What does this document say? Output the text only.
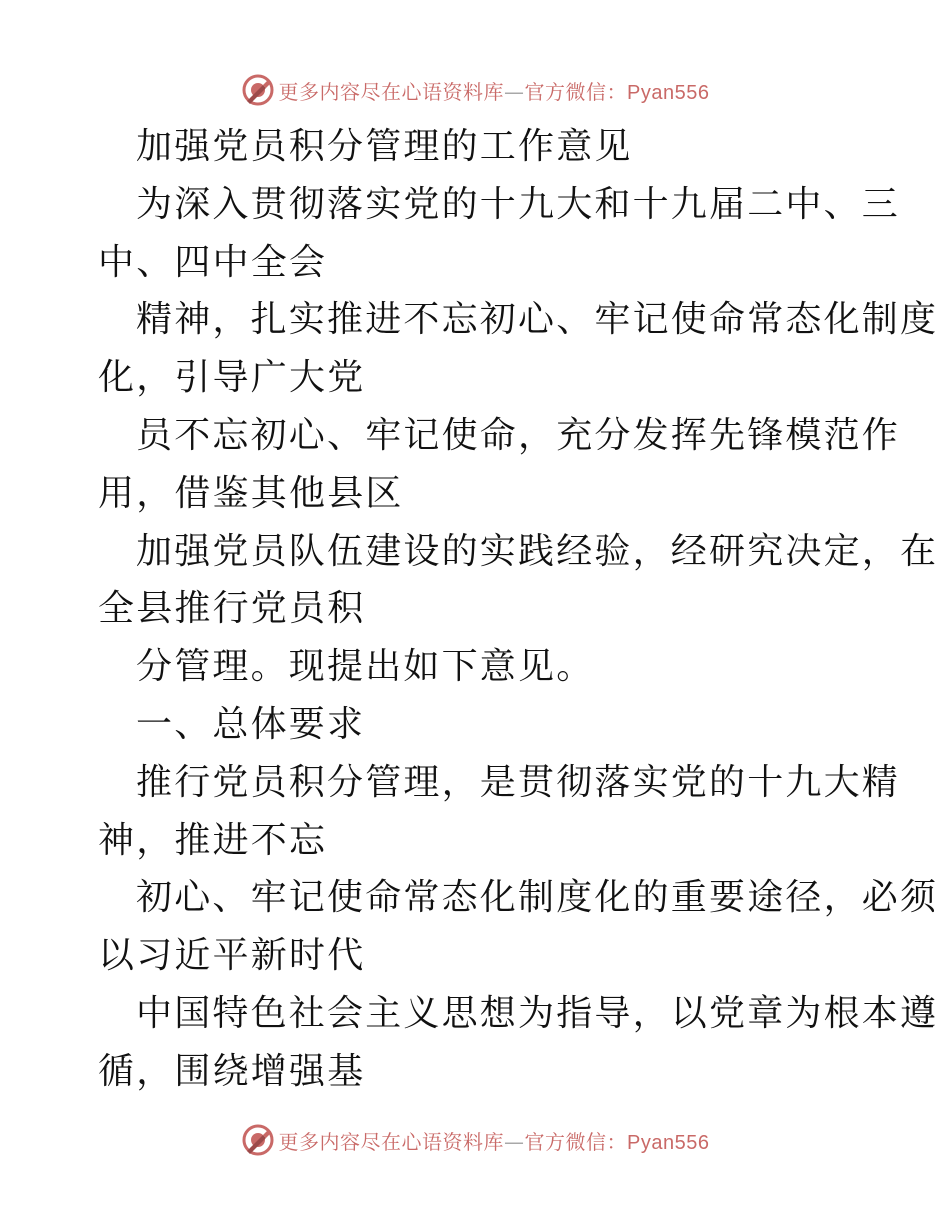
更多内容尽在心语资料库—官方微信：Pyan556
加强党员积分管理的工作意见
为深入贯彻落实党的十九大和十九届二中、三
中、四中全会
精神，扎实推进不忘初心、牢记使命常态化制度
化，引导广大党
员不忘初心、牢记使命，充分发挥先锋模范作
用，借鉴其他县区
加强党员队伍建设的实践经验，经研究决定，在
全县推行党员积
分管理。现提出如下意见。
一、总体要求
推行党员积分管理，是贯彻落实党的十九大精
神，推进不忘
初心、牢记使命常态化制度化的重要途径，必须
以习近平新时代
中国特色社会主义思想为指导，以党章为根本遵
循，围绕增强基
更多内容尽在心语资料库—官方微信：Pyan556
